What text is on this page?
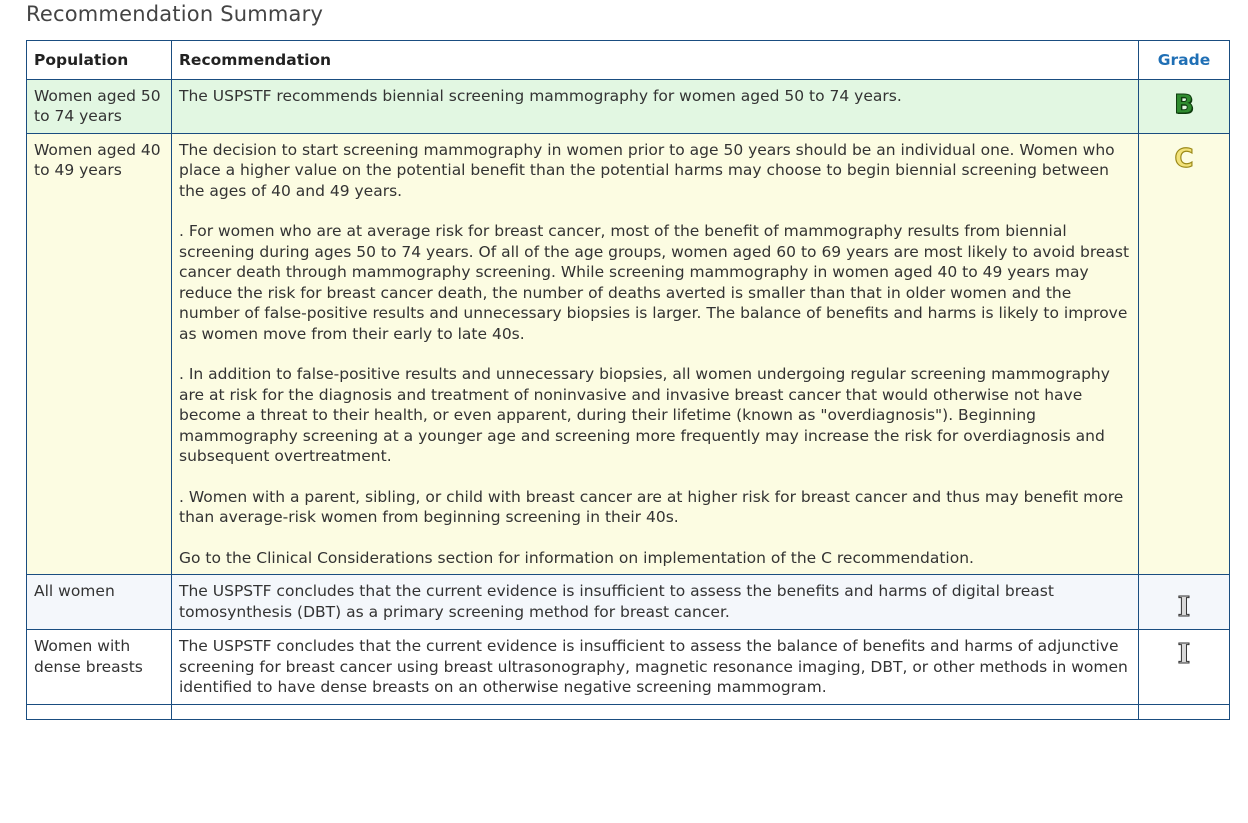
Recommendation Summary
Population	Recommendation	Grade
Women aged 50 to 74 years	The USPSTF recommends biennial screening mammography for women aged 50 to 74 years.	B
Women aged 40 to 49 years	The decision to start screening mammography in women prior to age 50 years should be an individual one. Women who place a higher value on the potential benefit than the potential harms may choose to begin biennial screening between the ages of 40 and 49 years.

. For women who are at average risk for breast cancer, most of the benefit of mammography results from biennial screening during ages 50 to 74 years. Of all of the age groups, women aged 60 to 69 years are most likely to avoid breast cancer death through mammography screening. While screening mammography in women aged 40 to 49 years may reduce the risk for breast cancer death, the number of deaths averted is smaller than that in older women and the number of false-positive results and unnecessary biopsies is larger. The balance of benefits and harms is likely to improve as women move from their early to late 40s.

. In addition to false-positive results and unnecessary biopsies, all women undergoing regular screening mammography are at risk for the diagnosis and treatment of noninvasive and invasive breast cancer that would otherwise not have become a threat to their health, or even apparent, during their lifetime (known as "overdiagnosis"). Beginning mammography screening at a younger age and screening more frequently may increase the risk for overdiagnosis and subsequent overtreatment.

. Women with a parent, sibling, or child with breast cancer are at higher risk for breast cancer and thus may benefit more than average-risk women from beginning screening in their 40s.

Go to the Clinical Considerations section for information on implementation of the C recommendation.	C
All women	The USPSTF concludes that the current evidence is insufficient to assess the benefits and harms of digital breast tomosynthesis (DBT) as a primary screening method for breast cancer.	I
Women with dense breasts	The USPSTF concludes that the current evidence is insufficient to assess the balance of benefits and harms of adjunctive screening for breast cancer using breast ultrasonography, magnetic resonance imaging, DBT, or other methods in women identified to have dense breasts on an otherwise negative screening mammogram.	I
